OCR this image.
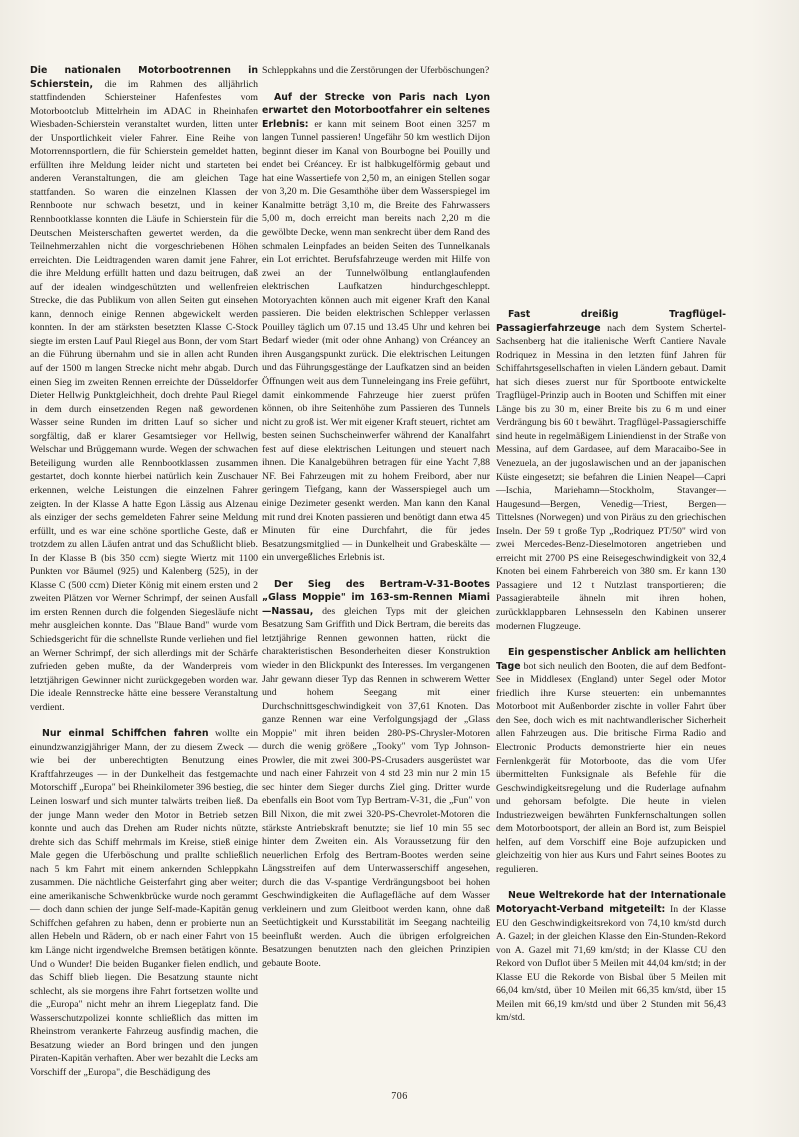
Die nationalen Motorbootrennen in Schierstein, die im Rahmen des alljährlich stattfindenden Schiersteiner Hafenfestes vom Motorbootclub Mittelrhein im ADAC in Rheinhafen Wiesbaden-Schierstein veranstaltet wurden, litten unter der Unsportlichkeit vieler Fahrer. Eine Reihe von Motorrennsportlern, die für Schierstein gemeldet hatten, erfüllten ihre Meldung leider nicht und starteten bei anderen Veranstaltungen, die am gleichen Tage stattfanden. So waren die einzelnen Klassen der Rennboote nur schwach besetzt, und in keiner Rennbootklasse konnten die Läufe in Schierstein für die Deutschen Meisterschaften gewertet werden, da die Teilnehmerzahlen nicht die vorgeschriebenen Höhen erreichten. Die Leidtragenden waren damit jene Fahrer, die ihre Meldung erfüllt hatten und dazu beitrugen, daß auf der idealen windgeschützten und wellenfreien Strecke, die das Publikum von allen Seiten gut einsehen kann, dennoch einige Rennen abgewickelt werden konnten. In der am stärksten besetzten Klasse C-Stock siegte im ersten Lauf Paul Riegel aus Bonn, der vom Start an die Führung übernahm und sie in allen acht Runden auf der 1500 m langen Strecke nicht mehr abgab. Durch einen Sieg im zweiten Rennen erreichte der Düsseldorfer Dieter Hellwig Punktgleichheit, doch drehte Paul Riegel in dem durch einsetzenden Regen naß gewordenen Wasser seine Runden im dritten Lauf so sicher und sorgfältig, daß er klarer Gesamtsieger vor Hellwig, Welschar und Brüggemann wurde. Wegen der schwachen Beteiligung wurden alle Rennbootklassen zusammen gestartet, doch konnte hierbei natürlich kein Zuschauer erkennen, welche Leistungen die einzelnen Fahrer zeigten. In der Klasse A hatte Egon Lässig aus Alzenau als einziger der sechs gemeldeten Fahrer seine Meldung erfüllt, und es war eine schöne sportliche Geste, daß er trotzdem zu allen Läufen antrat und das Schußlicht blieb. In der Klasse B (bis 350 ccm) siegte Wiertz mit 1100 Punkten vor Bäumel (925) und Kalenberg (525), in der Klasse C (500 ccm) Dieter König mit einem ersten und 2 zweiten Plätzen vor Werner Schrimpf, der seinen Ausfall im ersten Rennen durch die folgenden Siegesläufe nicht mehr ausgleichen konnte. Das "Blaue Band" wurde vom Schiedsgericht für die schnellste Runde verliehen und fiel an Werner Schrimpf, der sich allerdings mit der Schärfe zufrieden geben mußte, da der Wanderpreis vom letztjährigen Gewinner nicht zurückgegeben worden war. Die ideale Rennstrecke hätte eine bessere Veranstaltung verdient.

Nur einmal Schiffchen fahren wollte ein einundzwanzigjähriger Mann, der zu diesem Zweck — wie bei der unberechtigten Benutzung eines Kraftfahrzeuges — in der Dunkelheit das festgemachte Motorschiff „Europa" bei Rheinkilometer 396 bestieg, die Leinen loswarf und sich munter talwärts treiben ließ. Da der junge Mann weder den Motor in Betrieb setzen konnte und auch das Drehen am Ruder nichts nützte, drehte sich das Schiff mehrmals im Kreise, stieß einige Male gegen die Uferböschung und prallte schließlich nach 5 km Fahrt mit einem ankernden Schleppkahn zusammen. Die nächtliche Geisterfahrt ging aber weiter; eine amerikanische Schwenkbrücke wurde noch gerammt — doch dann schien der junge Self-made-Kapitän genug Schiffchen gefahren zu haben, denn er probierte nun an allen Hebeln und Rädern, ob er nach einer Fahrt von 15 km Länge nicht irgendwelche Bremsen betätigen könnte. Und o Wunder! Die beiden Buganker fielen endlich, und das Schiff blieb liegen. Die Besatzung staunte nicht schlecht, als sie morgens ihre Fahrt fortsetzen wollte und die „Europa" nicht mehr an ihrem Liegeplatz fand. Die Wasserschutzpolizei konnte schließlich das mitten im Rheinstrom verankerte Fahrzeug ausfindig machen, die Besatzung wieder an Bord bringen und den jungen Piraten-Kapitän verhaften. Aber wer bezahlt die Lecks am Vorschiff der „Europa", die Beschädigung des

Schleppkahns und die Zerstörungen der Uferböschungen?

Auf der Strecke von Paris nach Lyon erwartet den Motorbootfahrer ein seltenes Erlebnis: er kann mit seinem Boot einen 3257 m langen Tunnel passieren! Ungefähr 50 km westlich Dijon beginnt dieser im Kanal von Bourbogne bei Pouilly und endet bei Créancey. Er ist halbkugelförmig gebaut und hat eine Wassertiefe von 2,50 m, an einigen Stellen sogar von 3,20 m. Die Gesamthöhe über dem Wasserspiegel im Kanalmitte beträgt 3,10 m, die Breite des Fahrwassers 5,00 m, doch erreicht man bereits nach 2,20 m die gewölbte Decke, wenn man senkrecht über dem Rand des schmalen Leinpfades an beiden Seiten des Tunnelkanals ein Lot errichtet. Berufsfahrzeuge werden mit Hilfe von zwei an der Tunnelwölbung entlanglaufenden elektrischen Laufkatzen hindurchgeschleppt. Motoryachten können auch mit eigener Kraft den Kanal passieren. Die beiden elektrischen Schlepper verlassen Pouilley täglich um 07.15 und 13.45 Uhr und kehren bei Bedarf wieder (mit oder ohne Anhang) von Créancey an ihren Ausgangspunkt zurück. Die elektrischen Leitungen und das Führungsgestänge der Laufkatzen sind an beiden Öffnungen weit aus dem Tunneleingang ins Freie geführt, damit einkommende Fahrzeuge hier zuerst prüfen können, ob ihre Seitenhöhe zum Passieren des Tunnels nicht zu groß ist. Wer mit eigener Kraft steuert, richtet am besten seinen Suchscheinwerfer während der Kanalfahrt fest auf diese elektrischen Leitungen und steuert nach ihnen. Die Kanalgebühren betragen für eine Yacht 7,88 NF. Bei Fahrzeugen mit zu hohem Freibord, aber nur geringem Tiefgang, kann der Wasserspiegel auch um einige Dezimeter gesenkt werden. Man kann den Kanal mit rund drei Knoten passieren und benötigt dann etwa 45 Minuten für eine Durchfahrt, die für jedes Besatzungsmitglied — in Dunkelheit und Grabeskälte — ein unvergeßliches Erlebnis ist.

Der Sieg des Bertram-V-31-Bootes „Glass Moppie" im 163-sm-Rennen Miami—Nassau, des gleichen Typs mit der gleichen Besatzung Sam Griffith und Dick Bertram, die bereits das letztjährige Rennen gewonnen hatten, rückt die charakteristischen Besonderheiten dieser Konstruktion wieder in den Blickpunkt des Interesses. Im vergangenen Jahr gewann dieser Typ das Rennen in schwerem Wetter und hohem Seegang mit einer Durchschnittsgeschwindigkeit von 37,61 Knoten. Das ganze Rennen war eine Verfolgungsjagd der „Glass Moppie" mit ihren beiden 280-PS-Chrysler-Motoren durch die wenig größere „Tooky" vom Typ Johnson-Prowler, die mit zwei 300-PS-Crusaders ausgerüstet war und nach einer Fahrzeit von 4 std 23 min nur 2 min 15 sec hinter dem Sieger durchs Ziel ging. Dritter wurde ebenfalls ein Boot vom Typ Bertram-V-31, die „Fun" von Bill Nixon, die mit zwei 320-PS-Chevrolet-Motoren die stärkste Antriebskraft benutzte; sie lief 10 min 55 sec hinter dem Zweiten ein. Als Voraussetzung für den neuerlichen Erfolg des Bertram-Bootes werden seine Längsstreifen auf dem Unterwasserschiff angesehen, durch die das V-spantige Verdrängungsboot bei hohen Geschwindigkeiten die Auflagefläche auf dem Wasser verkleinern und zum Gleitboot werden kann, ohne daß Seetüchtigkeit und Kursstabilität im Seegang nachteilig beeinflußt werden. Auch die übrigen erfolgreichen Besatzungen benutzten nach den gleichen Prinzipien gebaute Boote.

Fast dreißig Tragflügel-Passagierfahrzeuge nach dem System Schertel-Sachsenberg hat die italienische Werft Cantiere Navale Rodriquez in Messina in den letzten fünf Jahren für Schiffahrtsgesellschaften in vielen Ländern gebaut. Damit hat sich dieses zuerst nur für Sportboote entwickelte Tragflügel-Prinzip auch in Booten und Schiffen mit einer Länge bis zu 30 m, einer Breite bis zu 6 m und einer Verdrängung bis 60 t bewährt. Tragflügel-Passagierschiffe sind heute in regelmäßigem Liniendienst in der Straße von Messina, auf dem Gardasee, auf dem Maracaibo-See in Venezuela, an der jugoslawischen und an der japanischen Küste eingesetzt; sie befahren die Linien Neapel—Capri—Ischia, Mariehamn—Stockholm, Stavanger—Haugesund—Bergen, Venedig—Triest, Bergen—Tittelsnes (Norwegen) und von Piräus zu den griechischen Inseln. Der 59 t große Typ „Rodriquez PT/50" wird von zwei Mercedes-Benz-Dieselmotoren angetrieben und erreicht mit 2700 PS eine Reisegeschwindigkeit von 32,4 Knoten bei einem Fahrbereich von 380 sm. Er kann 130 Passagiere und 12 t Nutzlast transportieren; die Passagierabteile ähneln mit ihren hohen, zurückklappbaren Lehnsesseln den Kabinen unserer modernen Flugzeuge.

Ein gespenstischer Anblick am hellichten Tage bot sich neulich den Booten, die auf dem Bedfont-See in Middlesex (England) unter Segel oder Motor friedlich ihre Kurse steuerten: ein unbemanntes Motorboot mit Außenborder zischte in voller Fahrt über den See, doch wich es mit nachtwandlerischer Sicherheit allen Fahrzeugen aus. Die britische Firma Radio and Electronic Products demonstrierte hier ein neues Fernlenkgerät für Motorboote, das die vom Ufer übermittelten Funksignale als Befehle für die Geschwindigkeitsregelung und die Ruderlage aufnahm und gehorsam befolgte. Die heute in vielen Industriezweigen bewährten Funkfernschaltungen sollen dem Motorbootsport, der allein an Bord ist, zum Beispiel helfen, auf dem Vorschiff eine Boje aufzupicken und gleichzeitig von hier aus Kurs und Fahrt seines Bootes zu regulieren.

Neue Weltrekorde hat der Internationale Motoryacht-Verband mitgeteilt: In der Klasse EU den Geschwindigkeitsrekord von 74,10 km/std durch A. Gazel; in der gleichen Klasse den Ein-Stunden-Rekord von A. Gazel mit 71,69 km/std; in der Klasse CU den Rekord von Duflot über 5 Meilen mit 44,04 km/std; in der Klasse EU die Rekorde von Bisbal über 5 Meilen mit 66,04 km/std, über 10 Meilen mit 66,35 km/std, über 15 Meilen mit 66,19 km/std und über 2 Stunden mit 56,43 km/std.

706
